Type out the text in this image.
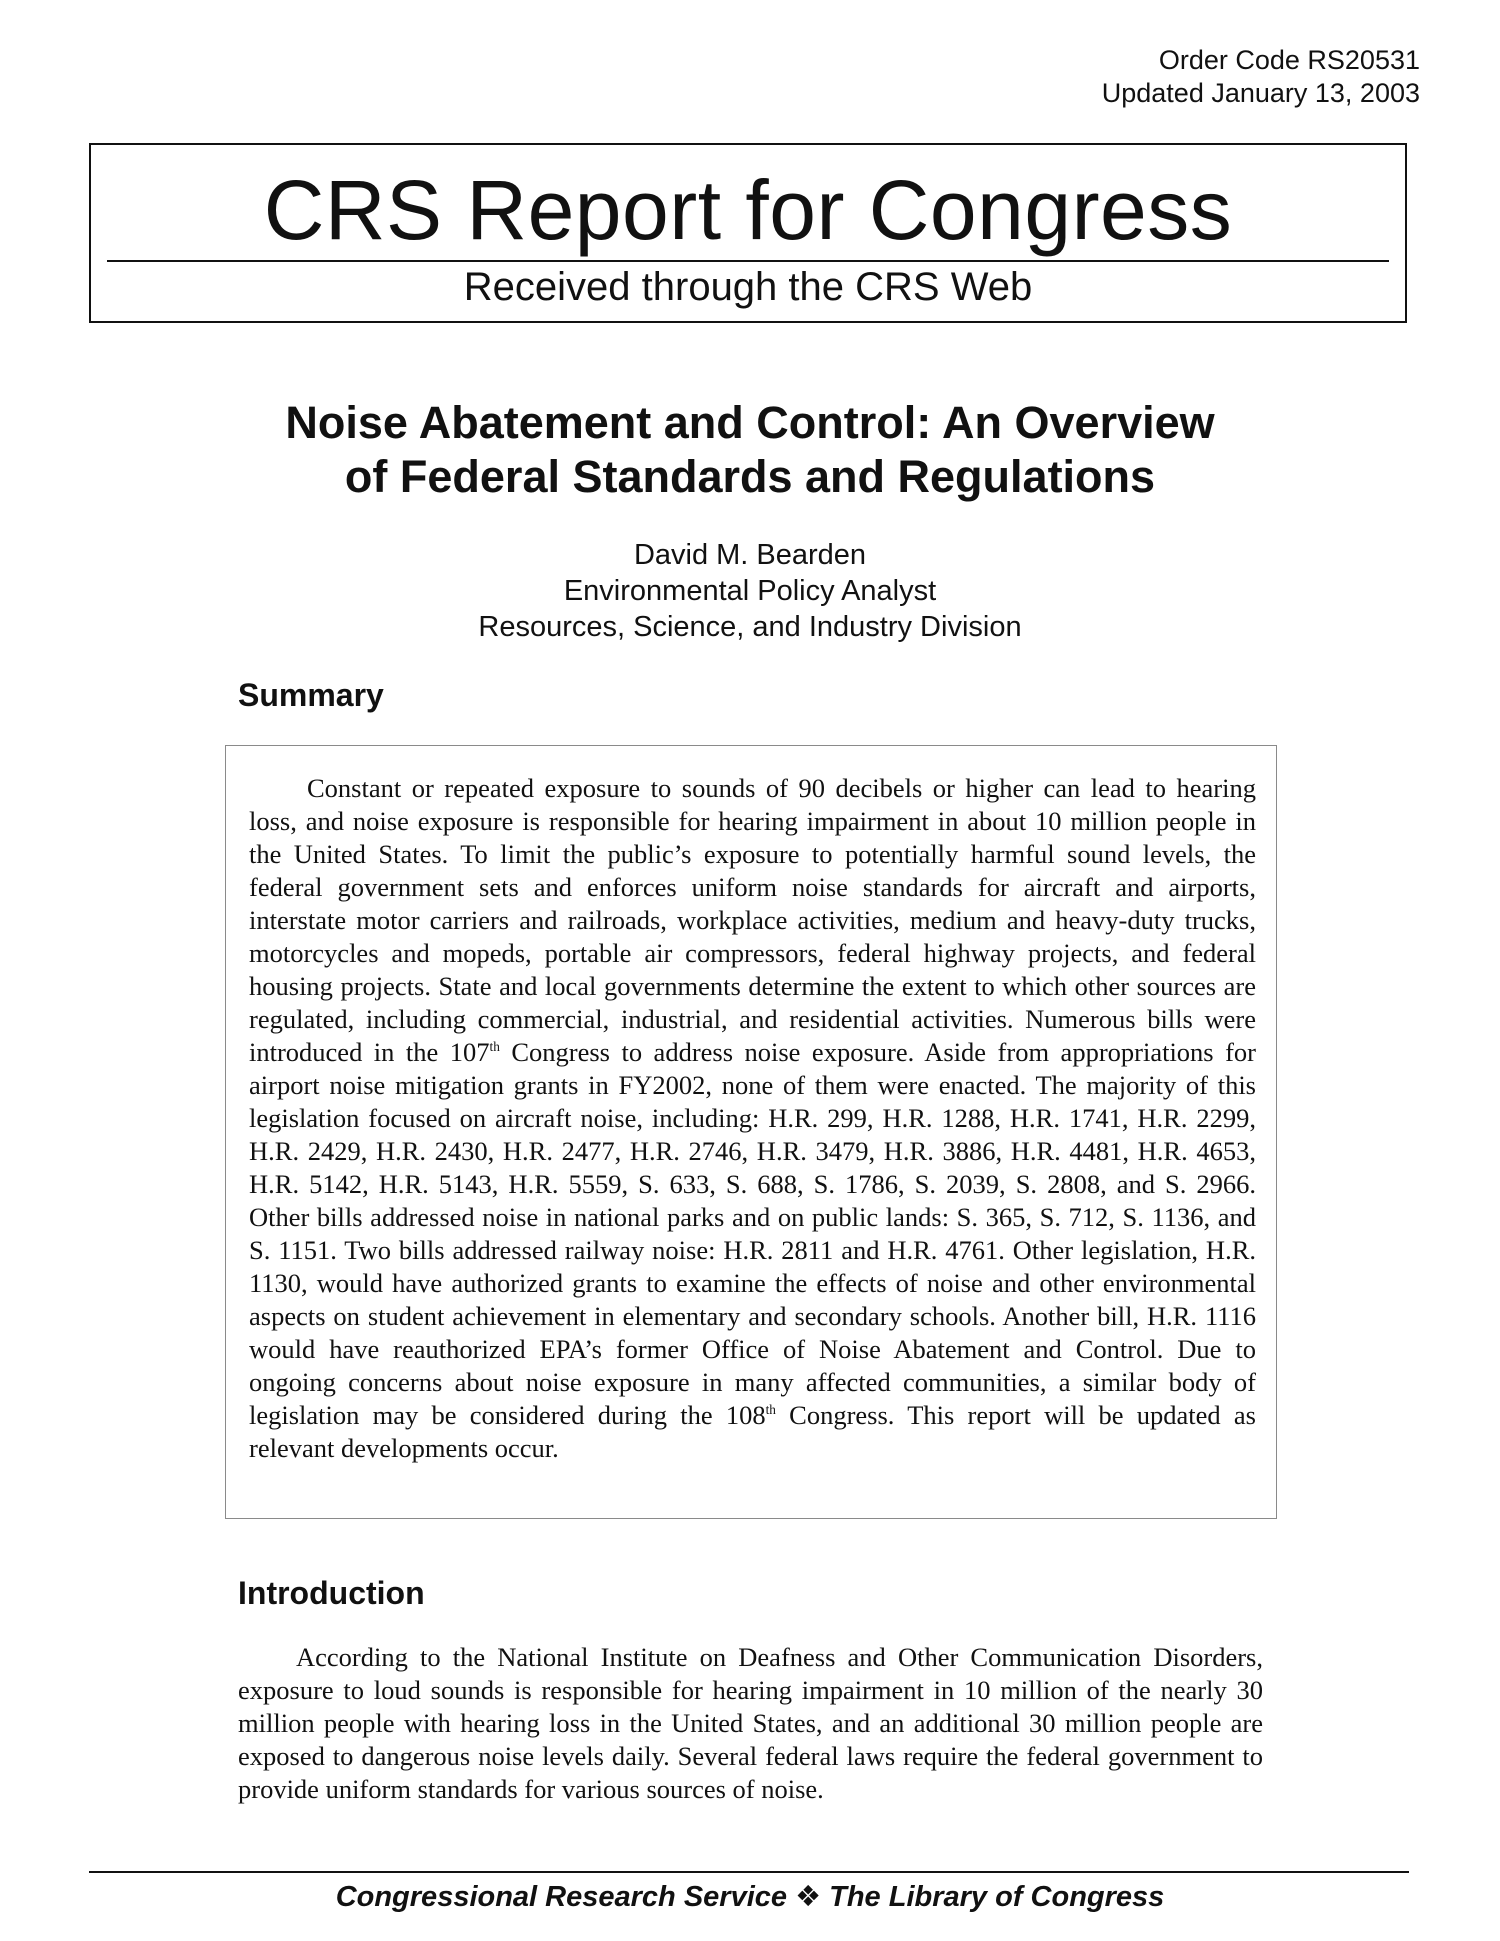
Order Code RS20531
Updated January 13, 2003
CRS Report for Congress
Received through the CRS Web
Noise Abatement and Control: An Overview
of Federal Standards and Regulations
David M. Bearden
Environmental Policy Analyst
Resources, Science, and Industry Division
Summary

Constant or repeated exposure to sounds of 90 decibels or higher can lead to hearing loss, and noise exposure is responsible for hearing impairment in about 10 million people in the United States. To limit the public’s exposure to potentially harmful sound levels, the federal government sets and enforces uniform noise standards for aircraft and airports, interstate motor carriers and railroads, workplace activities, medium and heavy-duty trucks, motorcycles and mopeds, portable air compressors, federal highway projects, and federal housing projects. State and local governments determine the extent to which other sources are regulated, including commercial, industrial, and residential activities. Numerous bills were introduced in the 107th Congress to address noise exposure. Aside from appropriations for airport noise mitigation grants in FY2002, none of them were enacted. The majority of this legislation focused on aircraft noise, including: H.R. 299, H.R. 1288, H.R. 1741, H.R. 2299, H.R. 2429, H.R. 2430, H.R. 2477, H.R. 2746, H.R. 3479, H.R. 3886, H.R. 4481, H.R. 4653, H.R. 5142, H.R. 5143, H.R. 5559, S. 633, S. 688, S. 1786, S. 2039, S. 2808, and S. 2966. Other bills addressed noise in national parks and on public lands: S. 365, S. 712, S. 1136, and S. 1151. Two bills addressed railway noise: H.R. 2811 and H.R. 4761. Other legislation, H.R. 1130, would have authorized grants to examine the effects of noise and other environmental aspects on student achievement in elementary and secondary schools. Another bill, H.R. 1116 would have reauthorized EPA’s former Office of Noise Abatement and Control. Due to ongoing concerns about noise exposure in many affected communities, a similar body of legislation may be considered during the 108th Congress. This report will be updated as relevant developments occur.

Introduction

According to the National Institute on Deafness and Other Communication Disorders, exposure to loud sounds is responsible for hearing impairment in 10 million of the nearly 30 million people with hearing loss in the United States, and an additional 30 million people are exposed to dangerous noise levels daily. Several federal laws require the federal government to provide uniform standards for various sources of noise.

Congressional Research Service ❖ The Library of Congress
